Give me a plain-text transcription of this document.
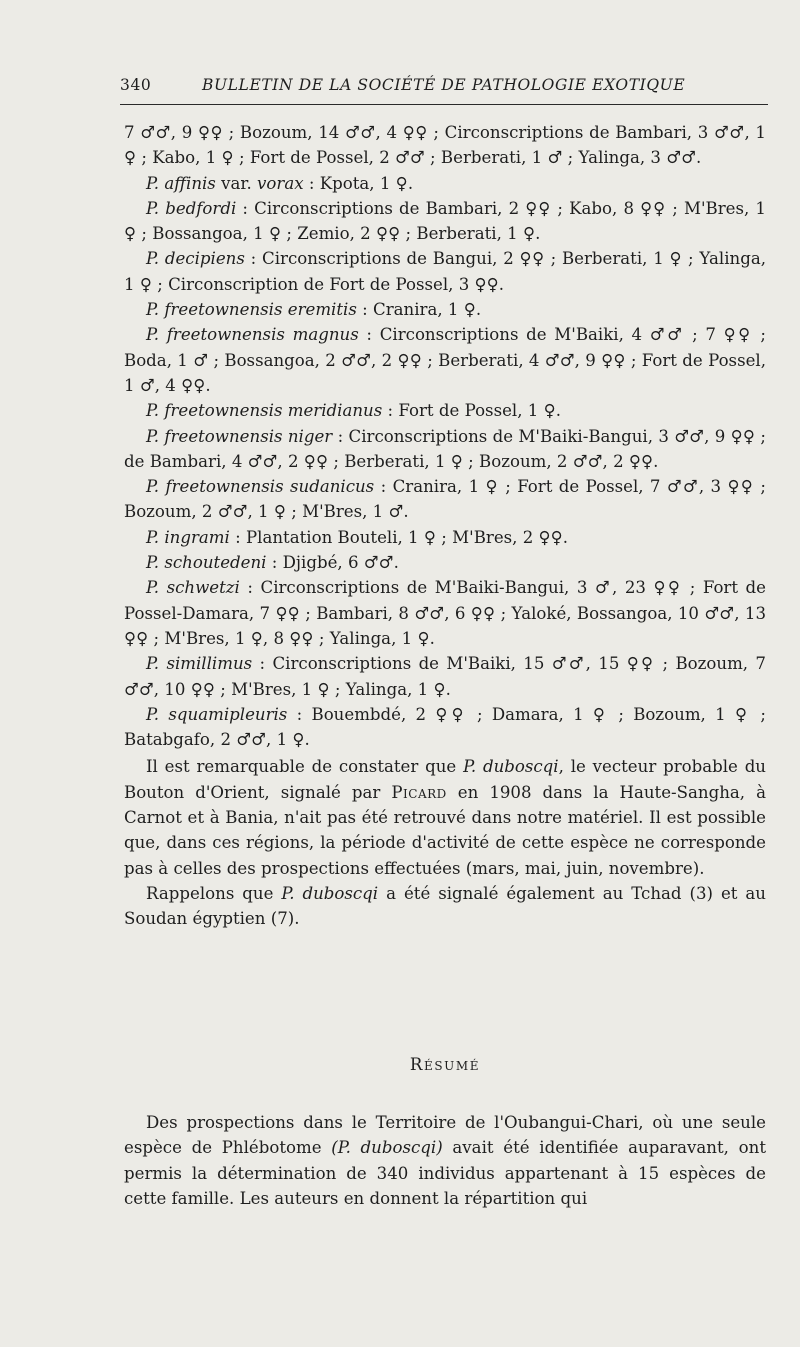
340	BULLETIN DE LA SOCIÉTÉ DE PATHOLOGIE EXOTIQUE

7 ♂♂, 9 ♀♀ ; Bozoum, 14 ♂♂, 4 ♀♀ ; Circonscriptions de Bambari, 3 ♂♂, 1 ♀ ; Kabo, 1 ♀ ; Fort de Possel, 2 ♂♂ ; Berberati, 1 ♂ ; Yalinga, 3 ♂♂.

P. affinis var. vorax : Kpota, 1 ♀.

P. bedfordi : Circonscriptions de Bambari, 2 ♀♀ ; Kabo, 8 ♀♀ ; M'Bres, 1 ♀ ; Bossangoa, 1 ♀ ; Zemio, 2 ♀♀ ; Berberati, 1 ♀.

P. decipiens : Circonscriptions de Bangui, 2 ♀♀ ; Berberati, 1 ♀ ; Yalinga, 1 ♀ ; Circonscription de Fort de Possel, 3 ♀♀.

P. freetownensis eremitis : Cranira, 1 ♀.

P. freetownensis magnus : Circonscriptions de M'Baiki, 4 ♂♂ ; 7 ♀♀ ; Boda, 1 ♂ ; Bossangoa, 2 ♂♂, 2 ♀♀ ; Berberati, 4 ♂♂, 9 ♀♀ ; Fort de Possel, 1 ♂, 4 ♀♀.

P. freetownensis meridianus : Fort de Possel, 1 ♀.

P. freetownensis niger : Circonscriptions de M'Baiki-Bangui, 3 ♂♂, 9 ♀♀ ; de Bambari, 4 ♂♂, 2 ♀♀ ; Berberati, 1 ♀ ; Bozoum, 2 ♂♂, 2 ♀♀.

P. freetownensis sudanicus : Cranira, 1 ♀ ; Fort de Possel, 7 ♂♂, 3 ♀♀ ; Bozoum, 2 ♂♂, 1 ♀ ; M'Bres, 1 ♂.

P. ingrami : Plantation Bouteli, 1 ♀ ; M'Bres, 2 ♀♀.

P. schoutedeni : Djigbé, 6 ♂♂.

P. schwetzi : Circonscriptions de M'Baiki-Bangui, 3 ♂, 23 ♀♀ ; Fort de Possel-Damara, 7 ♀♀ ; Bambari, 8 ♂♂, 6 ♀♀ ; Yaloké, Bossangoa, 10 ♂♂, 13 ♀♀ ; M'Bres, 1 ♀, 8 ♀♀ ; Yalinga, 1 ♀.

P. simillimus : Circonscriptions de M'Baiki, 15 ♂♂, 15 ♀♀ ; Bozoum, 7 ♂♂, 10 ♀♀ ; M'Bres, 1 ♀ ; Yalinga, 1 ♀.

P. squamipleuris : Bouembdé, 2 ♀♀ ; Damara, 1 ♀ ; Bozoum, 1 ♀ ; Batabgafo, 2 ♂♂, 1 ♀.

Il est remarquable de constater que P. duboscqi, le vecteur probable du Bouton d'Orient, signalé par Picard en 1908 dans la Haute-Sangha, à Carnot et à Bania, n'ait pas été retrouvé dans notre matériel. Il est possible que, dans ces régions, la période d'activité de cette espèce ne corresponde pas à celles des prospections effectuées (mars, mai, juin, novembre).

Rappelons que P. duboscqi a été signalé également au Tchad (3) et au Soudan égyptien (7).

Résumé

Des prospections dans le Territoire de l'Oubangui-Chari, où une seule espèce de Phlébotome (P. duboscqi) avait été identifiée auparavant, ont permis la détermination de 340 individus appartenant à 15 espèces de cette famille. Les auteurs en donnent la répartition qui
